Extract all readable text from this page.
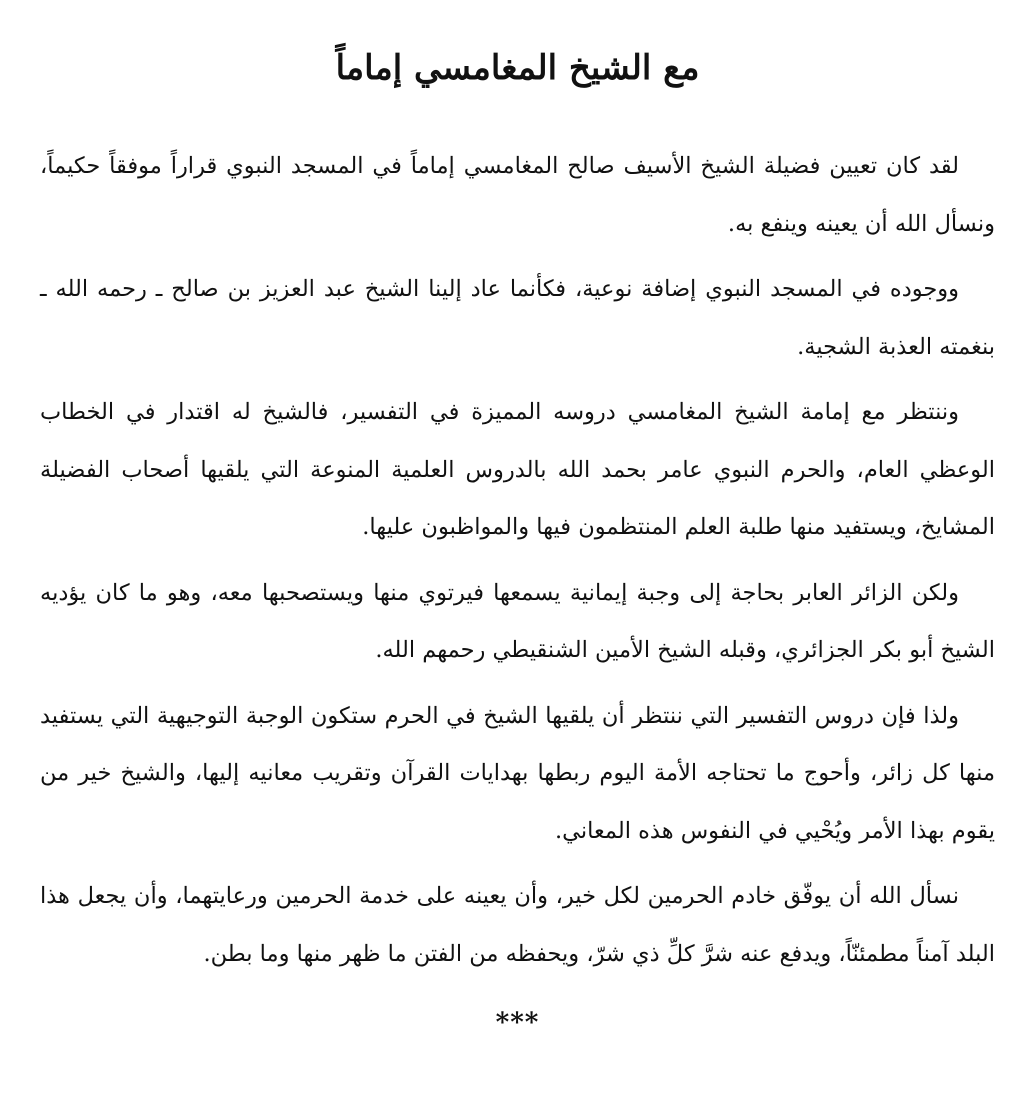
مع الشيخ المغامسي إماماً

لقد كان تعيين فضيلة الشيخ الأسيف صالح المغامسي إماماً في المسجد النبوي قراراً موفقاً حكيماً، ونسأل الله أن يعينه وينفع به.

ووجوده في المسجد النبوي إضافة نوعية، فكأنما عاد إلينا الشيخ عبد العزيز بن صالح ـ رحمه الله ـ بنغمته العذبة الشجية.

وننتظر مع إمامة الشيخ المغامسي دروسه المميزة في التفسير، فالشيخ له اقتدار في الخطاب الوعظي العام، والحرم النبوي عامر بحمد الله بالدروس العلمية المنوعة التي يلقيها أصحاب الفضيلة المشايخ، ويستفيد منها طلبة العلم المنتظمون فيها والمواظبون عليها.

ولكن الزائر العابر بحاجة إلى وجبة إيمانية يسمعها فيرتوي منها ويستصحبها معه، وهو ما كان يؤديه الشيخ أبو بكر الجزائري، وقبله الشيخ الأمين الشنقيطي رحمهم الله.

ولذا فإن دروس التفسير التي ننتظر أن يلقيها الشيخ في الحرم ستكون الوجبة التوجيهية التي يستفيد منها كل زائر، وأحوج ما تحتاجه الأمة اليوم ربطها بهدايات القرآن وتقريب معانيه إليها، والشيخ خير من يقوم بهذا الأمر ويُحْيي في النفوس هذه المعاني.

نسأل الله أن يوفّق خادم الحرمين لكل خير، وأن يعينه على خدمة الحرمين ورعايتهما، وأن يجعل هذا البلد آمناً مطمئنّاً، ويدفع عنه شرَّ كلِّ ذي شرّ، ويحفظه من الفتن ما ظهر منها وما بطن.

***
